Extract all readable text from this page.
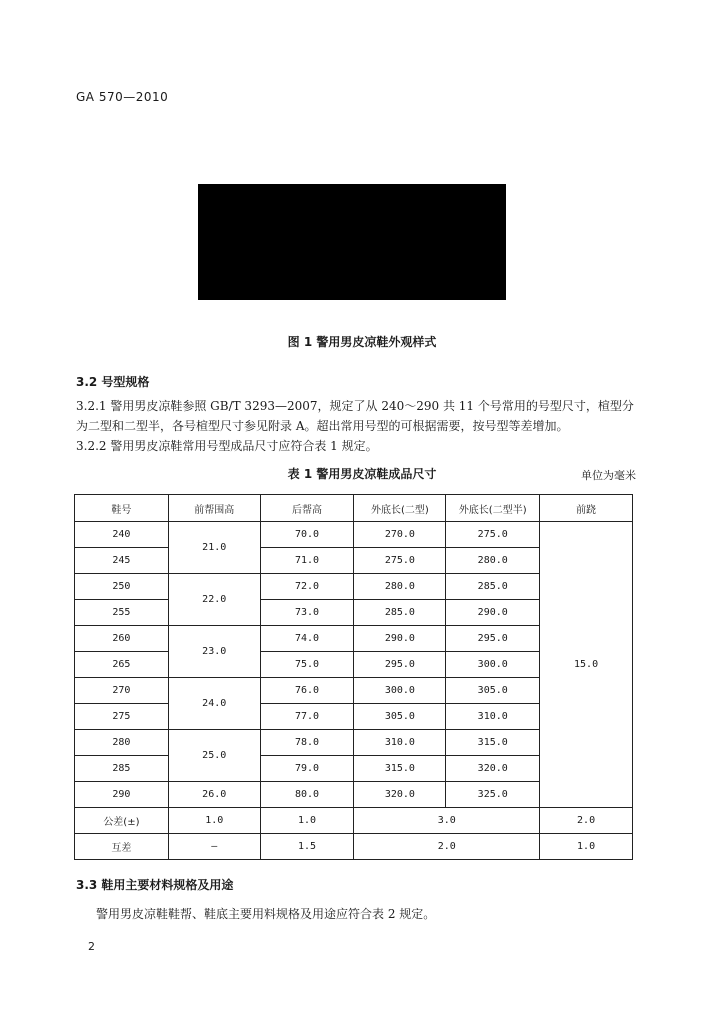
GA 570—2010
图 1 警用男皮凉鞋外观样式
3.2 号型规格
3.2.1 警用男皮凉鞋参照 GB/T 3293—2007，规定了从 240～290 共 11 个号常用的号型尺寸，楦型分为二型和二型半，各号楦型尺寸参见附录 A。超出常用号型的可根据需要，按号型等差增加。
3.2.2 警用男皮凉鞋常用号型成品尺寸应符合表 1 规定。
表 1 警用男皮凉鞋成品尺寸	单位为毫米
鞋号	前帮围高	后帮高	外底长(二型)	外底长(二型半)	前跷
240	21.0	70.0	270.0	275.0	15.0
245		71.0	275.0	280.0	
250	22.0	72.0	280.0	285.0	
255		73.0	285.0	290.0	
260	23.0	74.0	290.0	295.0	
265		75.0	295.0	300.0	
270	24.0	76.0	300.0	305.0	
275		77.0	305.0	310.0	
280	25.0	78.0	310.0	315.0	
285		79.0	315.0	320.0	
290	26.0	80.0	320.0	325.0	
公差(±)	1.0	1.0	3.0		2.0
互差	—	1.5	2.0		1.0
3.3 鞋用主要材料规格及用途
警用男皮凉鞋鞋帮、鞋底主要用料规格及用途应符合表 2 规定。
2
